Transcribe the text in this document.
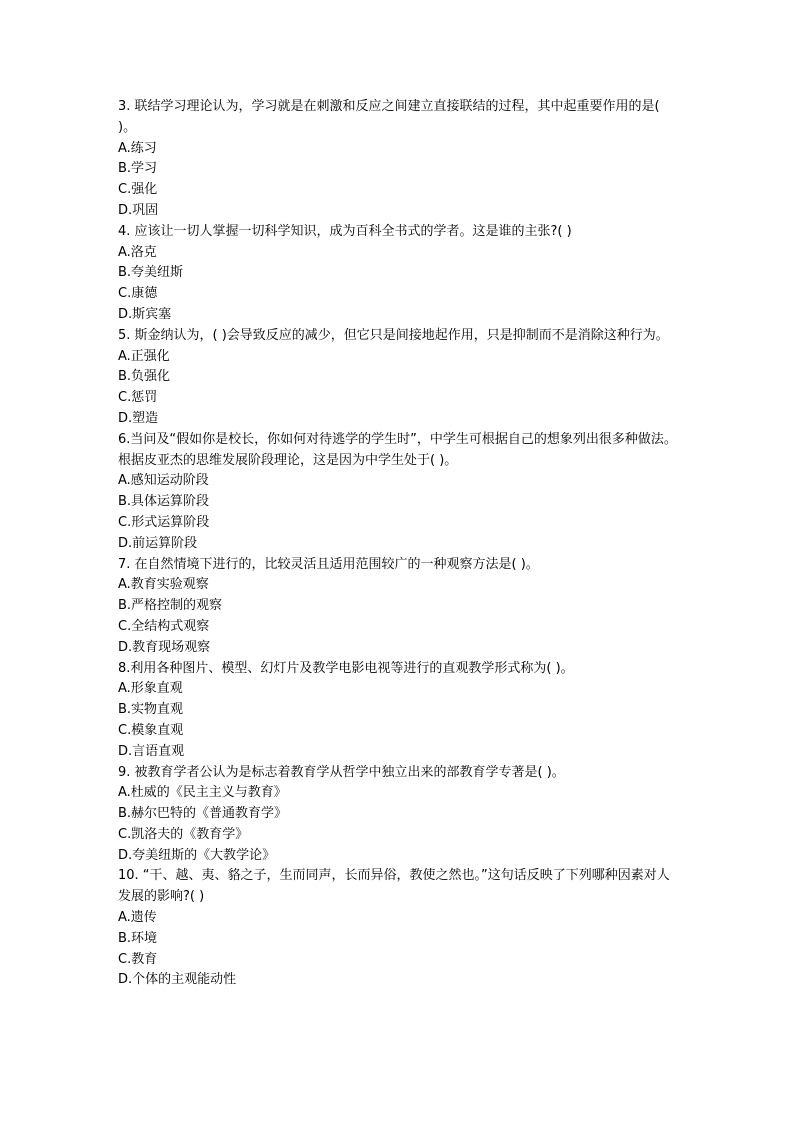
3. 联结学习理论认为，学习就是在刺激和反应之间建立直接联结的过程，其中起重要作用的是( )。

A.练习

B.学习

C.强化

D.巩固

4. 应该让一切人掌握一切科学知识，成为百科全书式的学者。这是谁的主张?( )

A.洛克

B.夸美纽斯

C.康德

D.斯宾塞

5. 斯金纳认为，( )会导致反应的减少，但它只是间接地起作用，只是抑制而不是消除这种行为。

A.正强化

B.负强化

C.惩罚

D.塑造

6.当问及“假如你是校长，你如何对待逃学的学生时”，中学生可根据自己的想象列出很多种做法。根据皮亚杰的思维发展阶段理论，这是因为中学生处于( )。

A.感知运动阶段

B.具体运算阶段

C.形式运算阶段

D.前运算阶段

7. 在自然情境下进行的，比较灵活且适用范围较广的一种观察方法是( )。

A.教育实验观察

B.严格控制的观察

C.全结构式观察

D.教育现场观察

8.利用各种图片、模型、幻灯片及教学电影电视等进行的直观教学形式称为( )。

A.形象直观

B.实物直观

C.模象直观

D.言语直观

9. 被教育学者公认为是标志着教育学从哲学中独立出来的部教育学专著是( )。

A.杜威的《民主主义与教育》

B.赫尔巴特的《普通教育学》

C.凯洛夫的《教育学》

D.夸美纽斯的《大教学论》

10. “干、越、夷、貉之子，生而同声，长而异俗，教使之然也。”这句话反映了下列哪种因素对人发展的影响?( )

A.遗传

B.环境

C.教育

D.个体的主观能动性
